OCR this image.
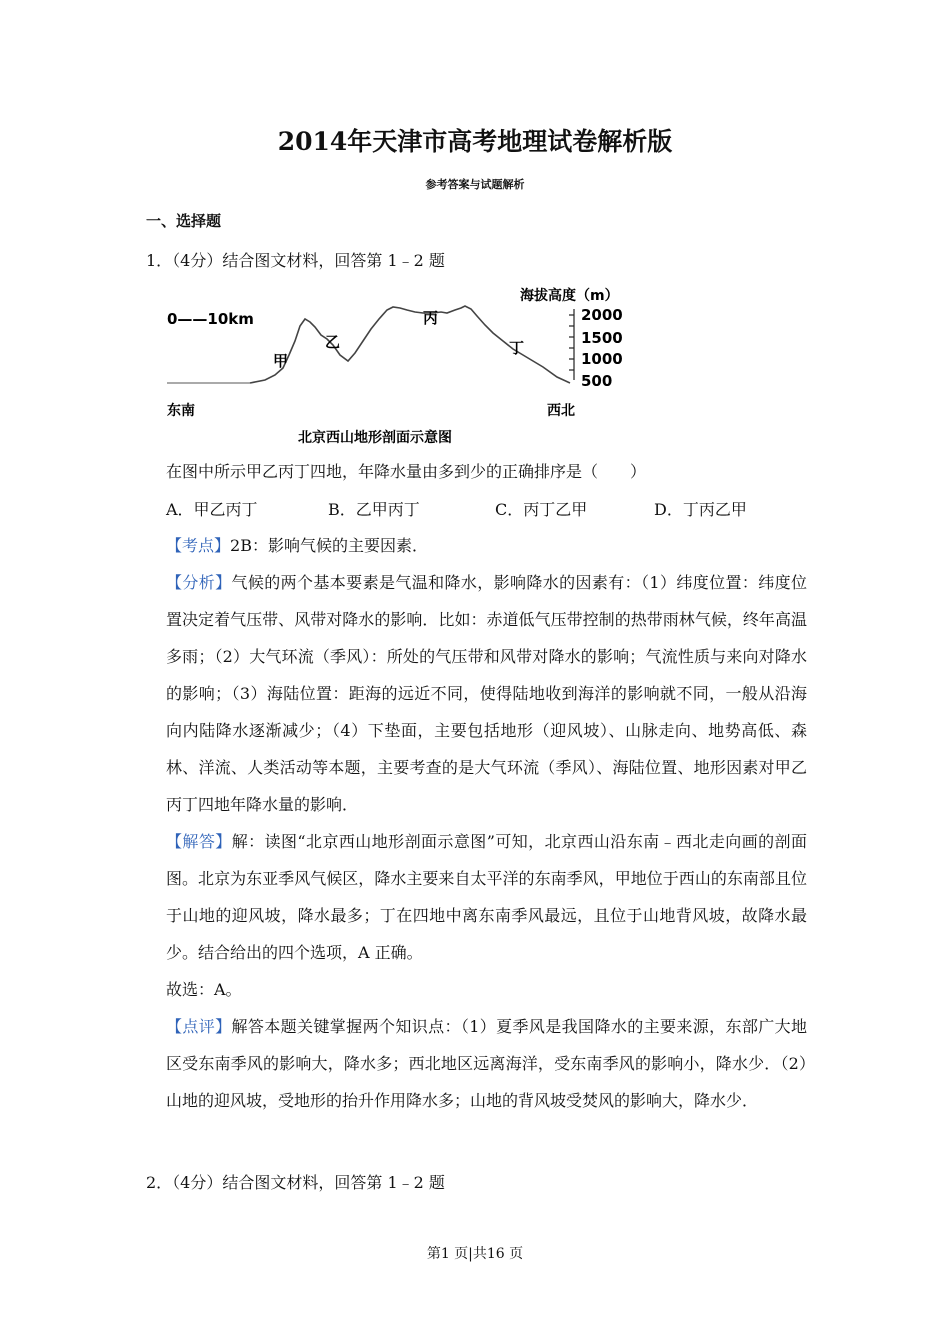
2014年天津市高考地理试卷解析版
参考答案与试题解析
一、选择题
1．（4分）结合图文材料，回答第 1﹣2 题
0——10km
海拔高度（m）
2000
1500
1000
500
甲
乙
丙
丁
东南	西北
北京西山地形剖面示意图
在图中所示甲乙丙丁四地，年降水量由多到少的正确排序是（　　）
A．甲乙丙丁	B．乙甲丙丁	C．丙丁乙甲	D．丁丙乙甲
【考点】2B：影响气候的主要因素．
【分析】气候的两个基本要素是气温和降水，影响降水的因素有：（1）纬度位置：纬度位置决定着气压带、风带对降水的影响．比如：赤道低气压带控制的热带雨林气候，终年高温多雨；（2）大气环流（季风）：所处的气压带和风带对降水的影响；气流性质与来向对降水的影响；（3）海陆位置：距海的远近不同，使得陆地收到海洋的影响就不同，一般从沿海向内陆降水逐渐减少；（4）下垫面，主要包括地形（迎风坡）、山脉走向、地势高低、森林、洋流、人类活动等本题，主要考查的是大气环流（季风）、海陆位置、地形因素对甲乙丙丁四地年降水量的影响．
【解答】解：读图“北京西山地形剖面示意图”可知，北京西山沿东南﹣西北走向画的剖面图。北京为东亚季风气候区，降水主要来自太平洋的东南季风，甲地位于西山的东南部且位于山地的迎风坡，降水最多；丁在四地中离东南季风最远，且位于山地背风坡，故降水最少。结合给出的四个选项，A 正确。
故选：A。
【点评】解答本题关键掌握两个知识点：（1）夏季风是我国降水的主要来源，东部广大地区受东南季风的影响大，降水多；西北地区远离海洋，受东南季风的影响小，降水少．（2）山地的迎风坡，受地形的抬升作用降水多；山地的背风坡受焚风的影响大，降水少．
2．（4分）结合图文材料，回答第 1﹣2 题
第1 页|共16 页
